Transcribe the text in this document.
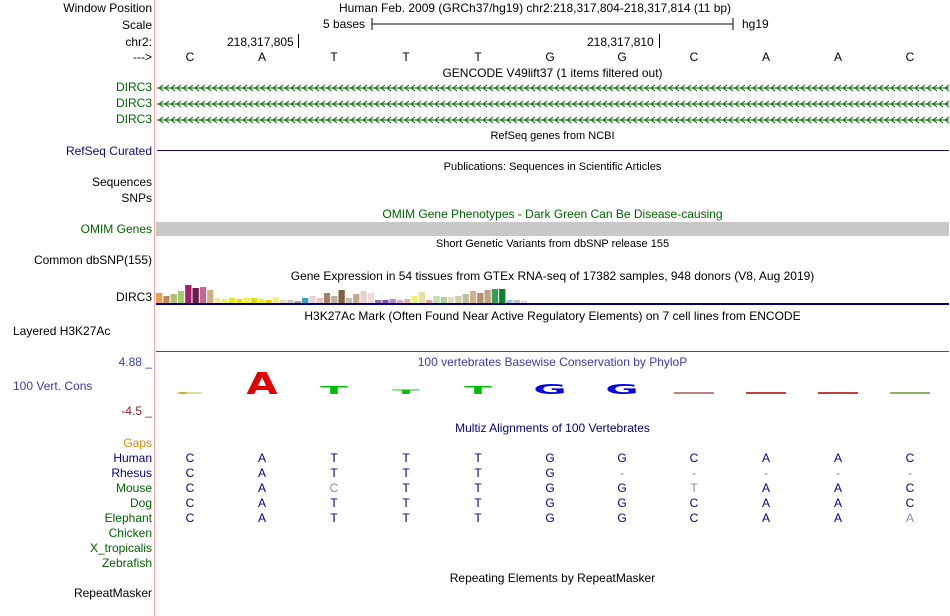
Window Position	Human Feb. 2009 (GRCh37/hg19) chr2:218,317,804-218,317,814 (11 bp)
Scale	5 bases	hg19
chr2:	218,317,805	218,317,810
--->	C	A	T	T	T	G	G	C	A	A	C
GENCODE V49lift37 (1 items filtered out)
DIRC3
DIRC3
DIRC3
RefSeq genes from NCBI
RefSeq Curated
Publications: Sequences in Scientific Articles
Sequences
SNPs
OMIM Gene Phenotypes - Dark Green Can Be Disease-causing
OMIM Genes
Short Genetic Variants from dbSNP release 155
Common dbSNP(155)
Gene Expression in 54 tissues from GTEx RNA-seq of 17382 samples, 948 donors (V8, Aug 2019)
DIRC3
H3K27Ac Mark (Often Found Near Active Regulatory Elements) on 7 cell lines from ENCODE
Layered H3K27Ac
100 vertebrates Basewise Conservation by PhyloP
4.88 _
100 Vert. Cons
-4.5 _
C A T T T G G
Multiz Alignments of 100 Vertebrates
Gaps
Human	C	A	T	T	T	G	G	C	A	A	C
Rhesus	C	A	T	T	T	G	-	-	-	-	-
Mouse	C	A	C	T	T	G	G	T	A	A	C
Dog	C	A	T	T	T	G	G	C	A	A	C
Elephant	C	A	T	T	T	G	G	C	A	A	A
Chicken
X_tropicalis
Zebrafish
Repeating Elements by RepeatMasker
RepeatMasker
